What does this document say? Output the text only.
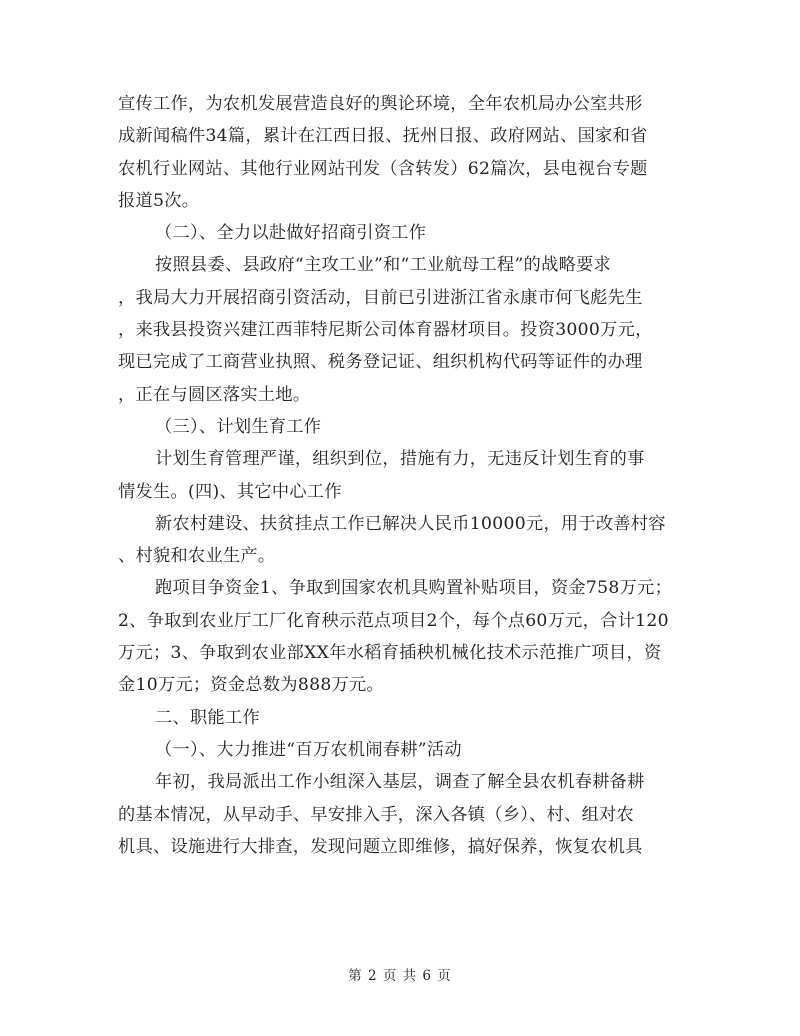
宣传工作，为农机发展营造良好的舆论环境，全年农机局办公室共形
成新闻稿件34篇，累计在江西日报、抚州日报、政府网站、国家和省
农机行业网站、其他行业网站刊发（含转发）62篇次，县电视台专题
报道5次。
（二）、全力以赴做好招商引资工作
按照县委、县政府“主攻工业”和“工业航母工程”的战略要求
，我局大力开展招商引资活动，目前已引进浙江省永康市何飞彪先生
，来我县投资兴建江西菲特尼斯公司体育器材项目。投资3000万元，
现已完成了工商营业执照、税务登记证、组织机构代码等证件的办理
，正在与圆区落实土地。
（三）、计划生育工作
计划生育管理严谨，组织到位，措施有力，无违反计划生育的事
情发生。(四)、其它中心工作
新农村建设、扶贫挂点工作已解决人民币10000元，用于改善村容
、村貌和农业生产。
跑项目争资金1、争取到国家农机具购置补贴项目，资金758万元；
2、争取到农业厅工厂化育秧示范点项目2个，每个点60万元，合计120
万元；3、争取到农业部XX年水稻育插秧机械化技术示范推广项目，资
金10万元；资金总数为888万元。
二、职能工作
（一）、大力推进“百万农机闹春耕”活动
年初，我局派出工作小组深入基层，调查了解全县农机春耕备耕
的基本情况，从早动手、早安排入手，深入各镇（乡）、村、组对农
机具、设施进行大排查，发现问题立即维修，搞好保养，恢复农机具
第 2 页 共 6 页
